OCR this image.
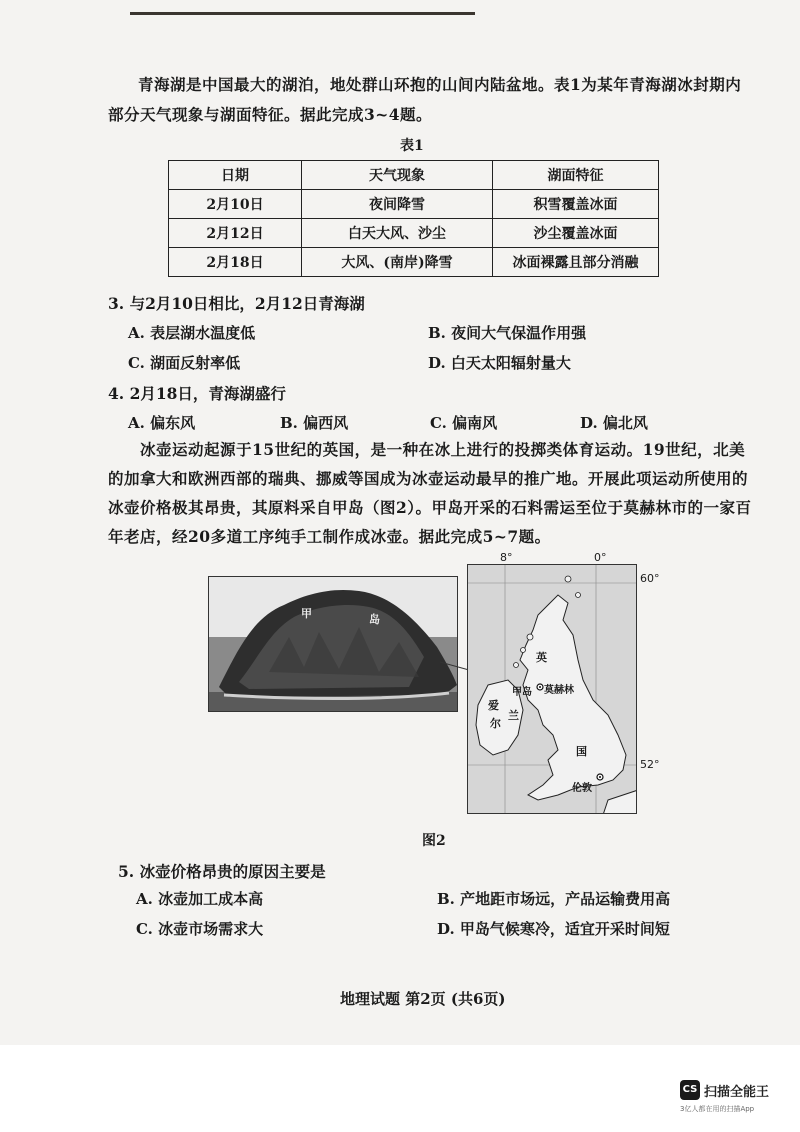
青海湖是中国最大的湖泊，地处群山环抱的山间内陆盆地。表1为某年青海湖冰封期内
部分天气现象与湖面特征。据此完成3~4题。
表1
日期	天气现象	湖面特征
2月10日	夜间降雪	积雪覆盖冰面
2月12日	白天大风、沙尘	沙尘覆盖冰面
2月18日	大风、(南岸)降雪	冰面裸露且部分消融
3. 与2月10日相比，2月12日青海湖
A. 表层湖水温度低	B. 夜间大气保温作用强
C. 湖面反射率低	D. 白天太阳辐射量大
4. 2月18日，青海湖盛行
A. 偏东风	B. 偏西风	C. 偏南风	D. 偏北风
冰壶运动起源于15世纪的英国，是一种在冰上进行的投掷类体育运动。19世纪，北美
的加拿大和欧洲西部的瑞典、挪威等国成为冰壶运动最早的推广地。开展此项运动所使用的
冰壶价格极其昂贵，其原料采自甲岛（图2）。甲岛开采的石料需运至位于莫赫林市的一家百
年老店，经20多道工序纯手工制作成冰壶。据此完成5~7题。
甲	岛
8°	0°
60°
52°
英
甲岛 莫赫林
爱
尔
兰
国
伦敦
图2
5. 冰壶价格昂贵的原因主要是
A. 冰壶加工成本高	B. 产地距市场远，产品运输费用高
C. 冰壶市场需求大	D. 甲岛气候寒冷，适宜开采时间短
地理试题 第2页 (共6页)
CS 扫描全能王
3亿人都在用的扫描App
